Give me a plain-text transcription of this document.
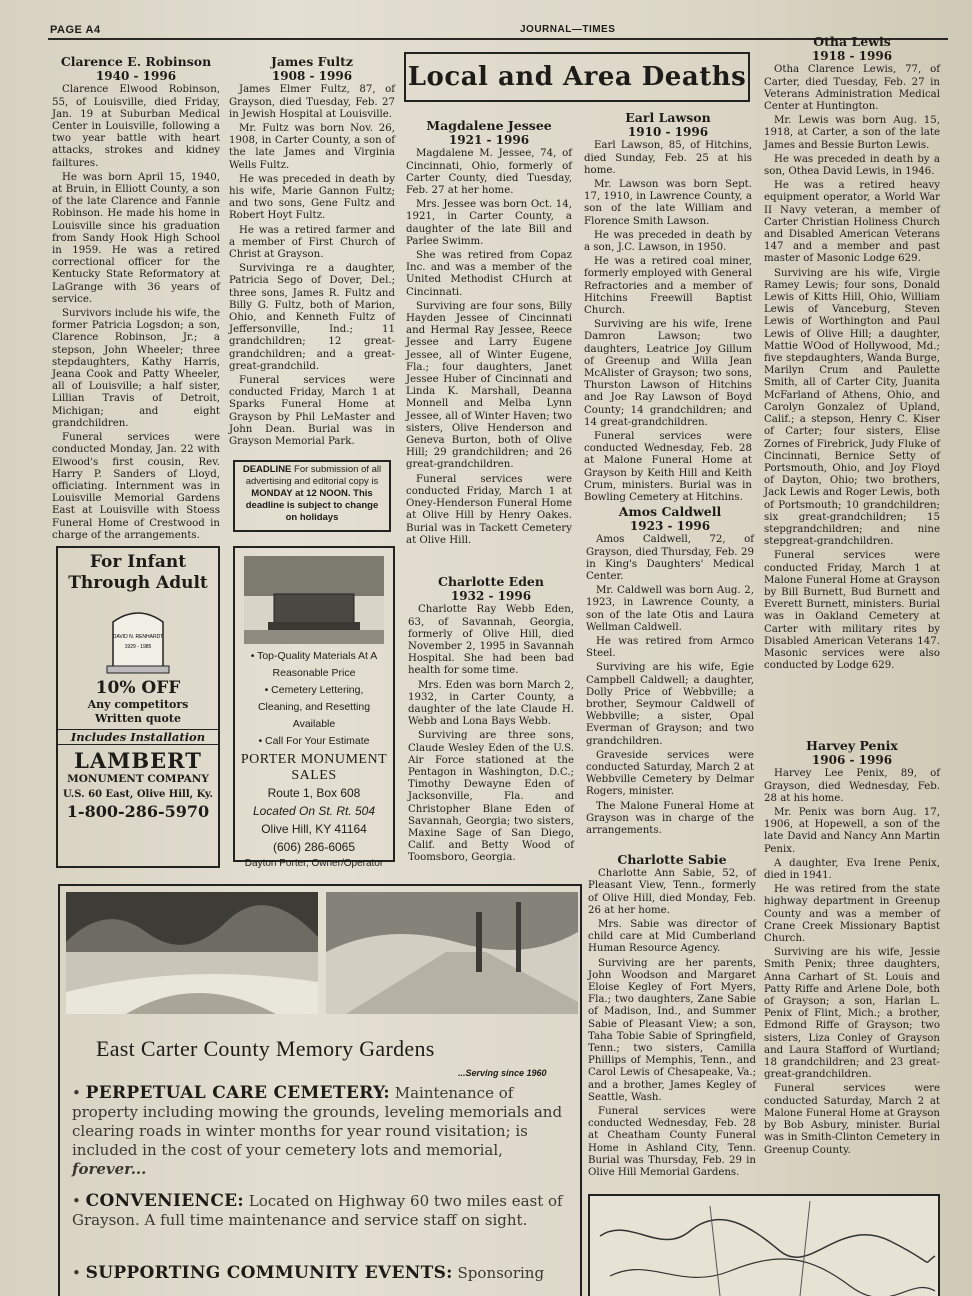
PAGE A4	JOURNAL—TIMES

Clarence E. Robinson

1940 - 1996

Clarence Elwood Robinson, 55, of Louisville, died Friday, Jan. 19 at Suburban Medical Center in Louisville, following a two year battle with heart attacks, strokes and kidney failtures.

He was born April 15, 1940, at Bruin, in Elliott County, a son of the late Clarence and Fannie Robinson. He made his home in Louisville since his graduation from Sandy Hook High School in 1959. He was a retired correctional officer for the Kentucky State Reformatory at LaGrange with 36 years of service.

Survivors include his wife, the former Patricia Logsdon; a son, Clarence Robinson, Jr.; a stepson, John Wheeler; three stepdaughters, Kathy Harris, Jeana Cook and Patty Wheeler, all of Louisville; a half sister, Lillian Travis of Detroit, Michigan; and eight grandchildren.

Funeral services were conducted Monday, Jan. 22 with Elwood's first cousin, Rev. Harry P. Sanders of Lloyd, officiating. Internment was in Louisville Memorial Gardens East at Louisville with Stoess Funeral Home of Crestwood in charge of the arrangements.

James Fultz

1908 - 1996

James Elmer Fultz, 87, of Grayson, died Tuesday, Feb. 27 in Jewish Hospital at Louisville.

Mr. Fultz was born Nov. 26, 1908, in Carter County, a son of the late James and Virginia Wells Fultz.

He was preceded in death by his wife, Marie Gannon Fultz; and two sons, Gene Fultz and Robert Hoyt Fultz.

He was a retired farmer and a member of First Church of Christ at Grayson.

Survivinga re a daughter, Patricia Sego of Dover, Del.; three sons, James R. Fultz and Billy G. Fultz, both of Marion, Ohio, and Kenneth Fultz of Jeffersonville, Ind.; 11 grandchildren; 12 great-grandchildren; and a great-great-grandchild.

Funeral services were conducted Friday, March 1 at Sparks Funeral Home at Grayson by Phil LeMaster and John Dean. Burial was in Grayson Memorial Park.

DEADLINE For submission of all advertising and editorial copy is MONDAY at 12 NOON. This deadline is subject to change on holidays
Local and Area Deaths

Magdalene Jessee

1921 - 1996

Magdalene M. Jessee, 74, of Cincinnati, Ohio, formerly of Carter County, died Tuesday, Feb. 27 at her home.

Mrs. Jessee was born Oct. 14, 1921, in Carter County, a daughter of the late Bill and Parlee Swimm.

She was retired from Copaz Inc. and was a member of the United Methodist CHurch at Cincinnati.

Surviving are four sons, Billy Hayden Jessee of Cincinnati and Hermal Ray Jessee, Reece Jessee and Larry Eugene Jessee, all of Winter Eugene, Fla.; four daughters, Janet Jessee Huber of Cincinnati and Linda K. Marshall, Deanna Monnell and Melba Lynn Jessee, all of Winter Haven; two sisters, Olive Henderson and Geneva Burton, both of Olive Hill; 29 grandchildren; and 26 great-grandchildren.

Funeral services were conducted Friday, March 1 at Oney-Henderson Funeral Home at Olive Hill by Henry Oakes. Burial was in Tackett Cemetery at Olive Hill.

Charlotte Eden

1932 - 1996

Charlotte Ray Webb Eden, 63, of Savannah, Georgia, formerly of Olive Hill, died November 2, 1995 in Savannah Hospital. She had been bad health for some time.

Mrs. Eden was born March 2, 1932, in Carter County, a daughter of the late Claude H. Webb and Lona Bays Webb.

Surviving are three sons, Claude Wesley Eden of the U.S. Air Force stationed at the Pentagon in Washington, D.C.; Timothy Dewayne Eden of Jacksonville, Fla. and Christopher Blane Eden of Savannah, Georgia; two sisters, Maxine Sage of San Diego, Calif. and Betty Wood of Toomsboro, Georgia.

Earl Lawson

1910 - 1996

Earl Lawson, 85, of Hitchins, died Sunday, Feb. 25 at his home.

Mr. Lawson was born Sept. 17, 1910, in Lawrence County, a son of the late William and Florence Smith Lawson.

He was preceded in death by a son, J.C. Lawson, in 1950.

He was a retired coal miner, formerly employed with General Refractories and a member of Hitchins Freewill Baptist Church.

Surviving are his wife, Irene Damron Lawson; two daughters, Leatrice Joy Gillum of Greenup and Willa Jean McAlister of Grayson; two sons, Thurston Lawson of Hitchins and Joe Ray Lawson of Boyd County; 14 grandchildren; and 14 great-grandchildren.

Funeral services were conducted Wednesday, Feb. 28 at Malone Funeral Home at Grayson by Keith Hill and Keith Crum, ministers. Burial was in Bowling Cemetery at Hitchins.

Amos Caldwell

1923 - 1996

Amos Caldwell, 72, of Grayson, died Thursday, Feb. 29 in King's Daughters' Medical Center.

Mr. Caldwell was born Aug. 2, 1923, in Lawrence County, a son of the late Otis and Laura Wellman Caldwell.

He was retired from Armco Steel.

Surviving are his wife, Egie Campbell Caldwell; a daughter, Dolly Price of Webbville; a brother, Seymour Caldwell of Webbville; a sister, Opal Everman of Grayson; and two grandchildren.

Graveside services were conducted Saturday, March 2 at Webbville Cemetery by Delmar Rogers, minister.

The Malone Funeral Home at Grayson was in charge of the arrangements.

Charlotte Sabie

Charlotte Ann Sabie, 52, of Pleasant View, Tenn., formerly of Olive Hill, died Monday, Feb. 26 at her home.

Mrs. Sabie was director of child care at Mid Cumberland Human Resource Agency.

Surviving are her parents, John Woodson and Margaret Eloise Kegley of Fort Myers, Fla.; two daughters, Zane Sabie of Madison, Ind., and Summer Sabie of Pleasant View; a son, Taha Tobie Sabie of Springfield, Tenn.; two sisters, Camilla Phillips of Memphis, Tenn., and Carol Lewis of Chesapeake, Va.; and a brother, James Kegley of Seattle, Wash.

Funeral services were conducted Wednesday, Feb. 28 at Cheatham County Funeral Home in Ashland City, Tenn. Burial was Thursday, Feb. 29 in Olive Hill Memorial Gardens.

Otha Lewis

1918 - 1996

Otha Clarence Lewis, 77, of Carter, died Tuesday, Feb. 27 in Veterans Administration Medical Center at Huntington.

Mr. Lewis was born Aug. 15, 1918, at Carter, a son of the late James and Bessie Burton Lewis.

He was preceded in death by a son, Othea David Lewis, in 1946.

He was a retired heavy equipment operator, a World War II Navy veteran, a member of Carter Christian Holiness Church and Disabled American Veterans 147 and a member and past master of Masonic Lodge 629.

Surviving are his wife, Virgie Ramey Lewis; four sons, Donald Lewis of Kitts Hill, Ohio, William Lewis of Vanceburg, Steven Lewis of Worthington and Paul Lewis of Olive Hill; a daughter, Mattie WOod of Hollywood, Md.; five stepdaughters, Wanda Burge, Marilyn Crum and Paulette Smith, all of Carter City, Juanita McFarland of Athens, Ohio, and Carolyn Gonzalez of Upland, Calif.; a stepson, Henry C. Kiser of Carter; four sisters, Elise Zornes of Firebrick, Judy Fluke of Cincinnati, Bernice Setty of Portsmouth, Ohio, and Joy Floyd of Dayton, Ohio; two brothers, Jack Lewis and Roger Lewis, both of Portsmouth; 10 grandchildren; six great-grandchildren; 15 stepgrandchildren; and nine stepgreat-grandchildren.

Funeral services were conducted Friday, March 1 at Malone Funeral Home at Grayson by Bill Burnett, Bud Burnett and Everett Burnett, ministers. Burial was in Oakland Cemetery at Carter with military rites by Disabled American Veterans 147. Masonic services were also conducted by Lodge 629.

Harvey Penix

1906 - 1996

Harvey Lee Penix, 89, of Grayson, died Wednesday, Feb. 28 at his home.

Mr. Penix was born Aug. 17, 1906, at Hopewell, a son of the late David and Nancy Ann Martin Penix.

A daughter, Eva Irene Penix, died in 1941.

He was retired from the state highway department in Greenup County and was a member of Crane Creek Missionary Baptist Church.

Surviving are his wife, Jessie Smith Penix; three daughters, Anna Carhart of St. Louis and Patty Riffe and Arlene Dole, both of Grayson; a son, Harlan L. Penix of Flint, Mich.; a brother, Edmond Riffe of Grayson; two sisters, Liza Conley of Grayson and Laura Stafford of Wurtland; 18 grandchildren; and 23 great-great-grandchildren.

Funeral services were conducted Saturday, March 2 at Malone Funeral Home at Grayson by Bob Asbury, minister. Burial was in Smith-Clinton Cemetery in Greenup County.

For Infant Through Adult
DAVID N. RENHARDT
1929 - 1985
10% OFF
Any competitors
Written quote
Includes Installation
LAMBERT
MONUMENT COMPANY
U.S. 60 East, Olive Hill, Ky.
1-800-286-5970
• Top-Quality Materials At A Reasonable Price
• Cemetery Lettering, Cleaning, and Resetting Available
• Call For Your Estimate
PORTER MONUMENT SALES
Route 1, Box 608
Located On St. Rt. 504
Olive Hill, KY 41164
(606) 286-6065
Dayton Porter, Owner/Operator
East Carter County Memory Gardens
...Serving since 1960
• PERPETUAL CARE CEMETERY: Maintenance of property including mowing the grounds, leveling memorials and clearing roads in winter months for year round visitation; is included in the cost of your cemetery lots and memorial, forever...
• CONVENIENCE: Located on Highway 60 two miles east of Grayson. A full time maintenance and service staff on sight.
• SUPPORTING COMMUNITY EVENTS: Sponsoring
